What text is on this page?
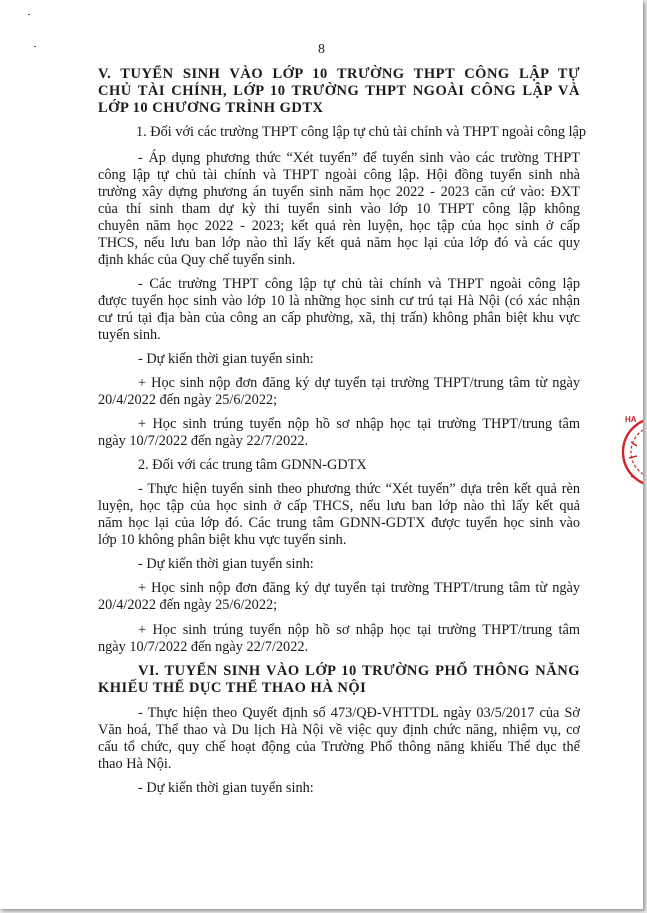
8
V. TUYỂN SINH VÀO LỚP 10 TRƯỜNG THPT CÔNG LẬP TỰ
CHỦ TÀI CHÍNH, LỚP 10 TRƯỜNG THPT NGOÀI CÔNG LẬP VÀ
LỚP 10 CHƯƠNG TRÌNH GDTX
1. Đối với các trường THPT công lập tự chủ tài chính và THPT ngoài công lập
- Áp dụng phương thức “Xét tuyển” để tuyển sinh vào các trường THPT
công lập tự chủ tài chính và THPT ngoài công lập. Hội đồng tuyển sinh nhà
trường xây dựng phương án tuyển sinh năm học 2022 - 2023 căn cứ vào: ĐXT
của thí sinh tham dự kỳ thi tuyển sinh vào lớp 10 THPT công lập không
chuyên năm học 2022 - 2023; kết quả rèn luyện, học tập của học sinh ở cấp
THCS, nếu lưu ban lớp nào thì lấy kết quả năm học lại của lớp đó và các quy
định khác của Quy chế tuyển sinh.
- Các trường THPT công lập tự chủ tài chính và THPT ngoài công lập
được tuyển học sinh vào lớp 10 là những học sinh cư trú tại Hà Nội (có xác nhận
cư trú tại địa bàn của công an cấp phường, xã, thị trấn) không phân biệt khu vực
tuyển sinh.
- Dự kiến thời gian tuyển sinh:
+ Học sinh nộp đơn đăng ký dự tuyển tại trường THPT/trung tâm từ ngày
20/4/2022 đến ngày 25/6/2022;
+ Học sinh trúng tuyển nộp hồ sơ nhập học tại trường THPT/trung tâm
ngày 10/7/2022 đến ngày 22/7/2022.
2. Đối với các trung tâm GDNN-GDTX
- Thực hiện tuyển sinh theo phương thức “Xét tuyển” dựa trên kết quả rèn
luyện, học tập của học sinh ở cấp THCS, nếu lưu ban lớp nào thì lấy kết quả
năm học lại của lớp đó. Các trung tâm GDNN-GDTX được tuyển học sinh vào
lớp 10 không phân biệt khu vực tuyển sinh.
- Dự kiến thời gian tuyển sinh:
+ Học sinh nộp đơn đăng ký dự tuyển tại trường THPT/trung tâm từ ngày
20/4/2022 đến ngày 25/6/2022;
+ Học sinh trúng tuyển nộp hồ sơ nhập học tại trường THPT/trung tâm
ngày 10/7/2022 đến ngày 22/7/2022.
VI. TUYỂN SINH VÀO LỚP 10 TRƯỜNG PHỔ THÔNG NĂNG
KHIẾU THỂ DỤC THỂ THAO HÀ NỘI
- Thực hiện theo Quyết định số 473/QĐ-VHTTDL ngày 03/5/2017 của Sở
Văn hoá, Thể thao và Du lịch Hà Nội về việc quy định chức năng, nhiệm vụ, cơ
cấu tổ chức, quy chế hoạt động của Trường Phổ thông năng khiếu Thể dục thể
thao Hà Nội.
- Dự kiến thời gian tuyển sinh:
HA
